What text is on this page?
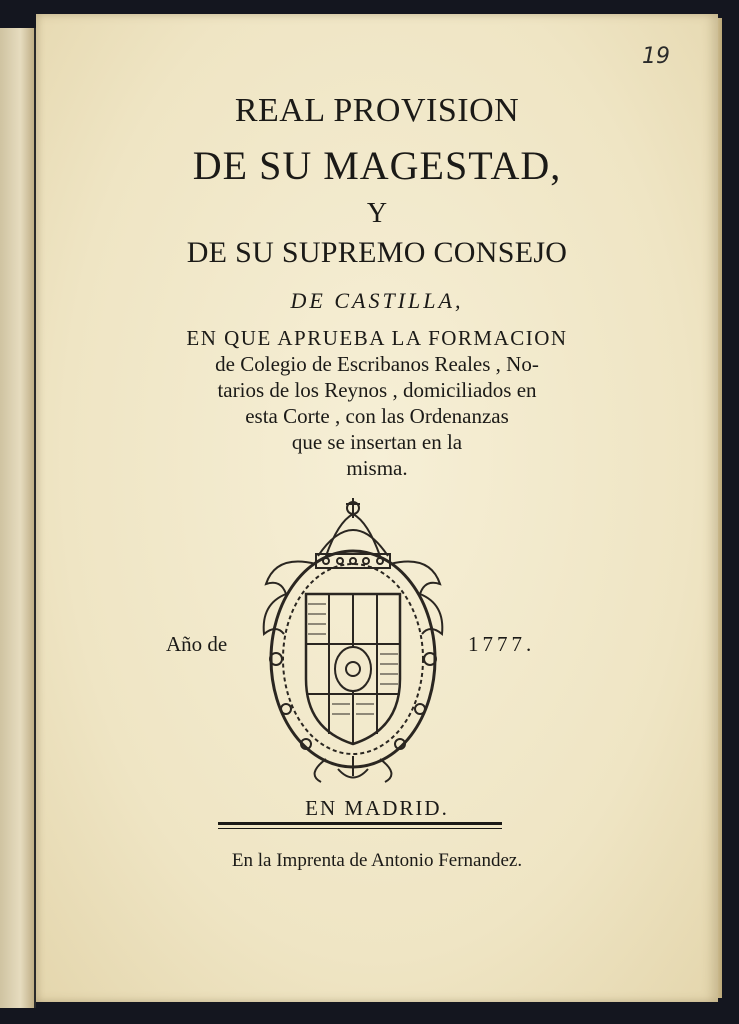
19
REAL PROVISION
DE SU MAGESTAD,
Y
DE SU SUPREMO CONSEJO
DE CASTILLA,
EN QUE APRUEBA LA FORMACION
de Colegio de Escribanos Reales , No-
tarios de los Reynos , domiciliados en
esta Corte , con las Ordenanzas
que se insertan en la
misma.
Año de	1777.
EN MADRID.
En la Imprenta de Antonio Fernandez.
